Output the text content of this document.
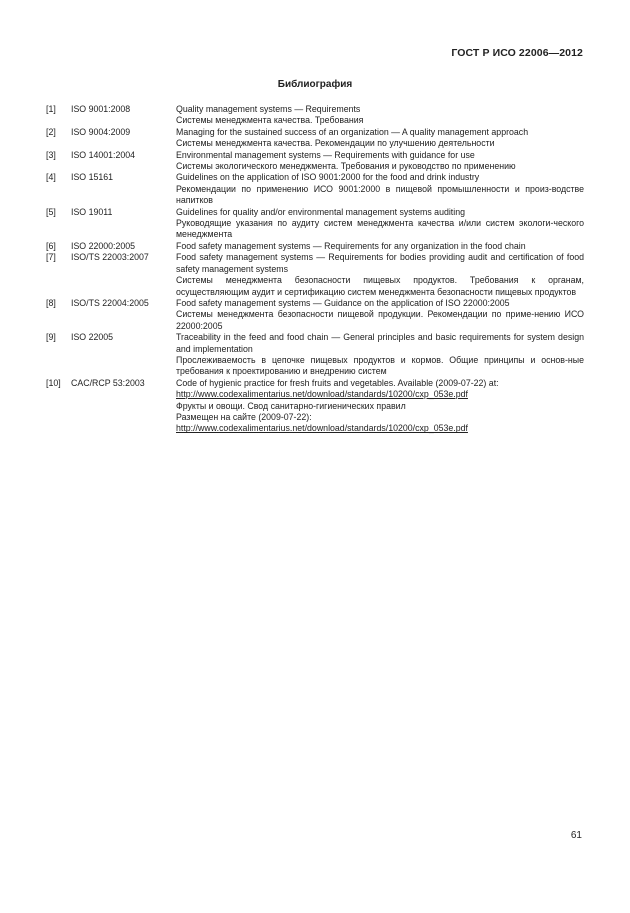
ГОСТ Р ИСО 22006—2012
Библиография
[1]	ISO 9001:2008	Quality management systems — Requirements
Системы менеджмента качества. Требования
[2]	ISO 9004:2009	Managing for the sustained success of an organization — A quality management approach
Системы менеджмента качества. Рекомендации по улучшению деятельности
[3]	ISO 14001:2004	Environmental management systems — Requirements with guidance for use
Системы экологического менеджмента. Требования и руководство по применению
[4]	ISO 15161	Guidelines on the application of ISO 9001:2000 for the food and drink industry
Рекомендации по применению ИСО 9001:2000 в пищевой промышленности и произ-водстве напитков
[5]	ISO 19011	Guidelines for quality and/or environmental management systems auditing
Руководящие указания по аудиту систем менеджмента качества и/или систем экологи-ческого менеджмента
[6]	ISO 22000:2005	Food safety management systems — Requirements for any organization in the food chain
[7]	ISO/TS 22003:2007	Food safety management systems — Requirements for bodies providing audit and certification of food safety management systems
Системы менеджмента безопасности пищевых продуктов. Требования к органам, осуществляющим аудит и сертификацию систем менеджмента безопасности пищевых продуктов
[8]	ISO/TS 22004:2005	Food safety management systems — Guidance on the application of ISO 22000:2005
Системы менеджмента безопасности пищевой продукции. Рекомендации по приме-нению ИСО 22000:2005
[9]	ISO 22005	Traceability in the feed and food chain — General principles and basic requirements for system design and implementation
Прослеживаемость в цепочке пищевых продуктов и кормов. Общие принципы и основ-ные требования к проектированию и внедрению систем
[10]	CAC/RCP 53:2003	Code of hygienic practice for fresh fruits and vegetables. Available (2009-07-22) at:
http://www.codexalimentarius.net/download/standards/10200/cxp_053e.pdf
Фрукты и овощи. Свод санитарно-гигиенических правил
Размещен на сайте (2009-07-22):
http://www.codexalimentarius.net/download/standards/10200/cxp_053e.pdf
61
